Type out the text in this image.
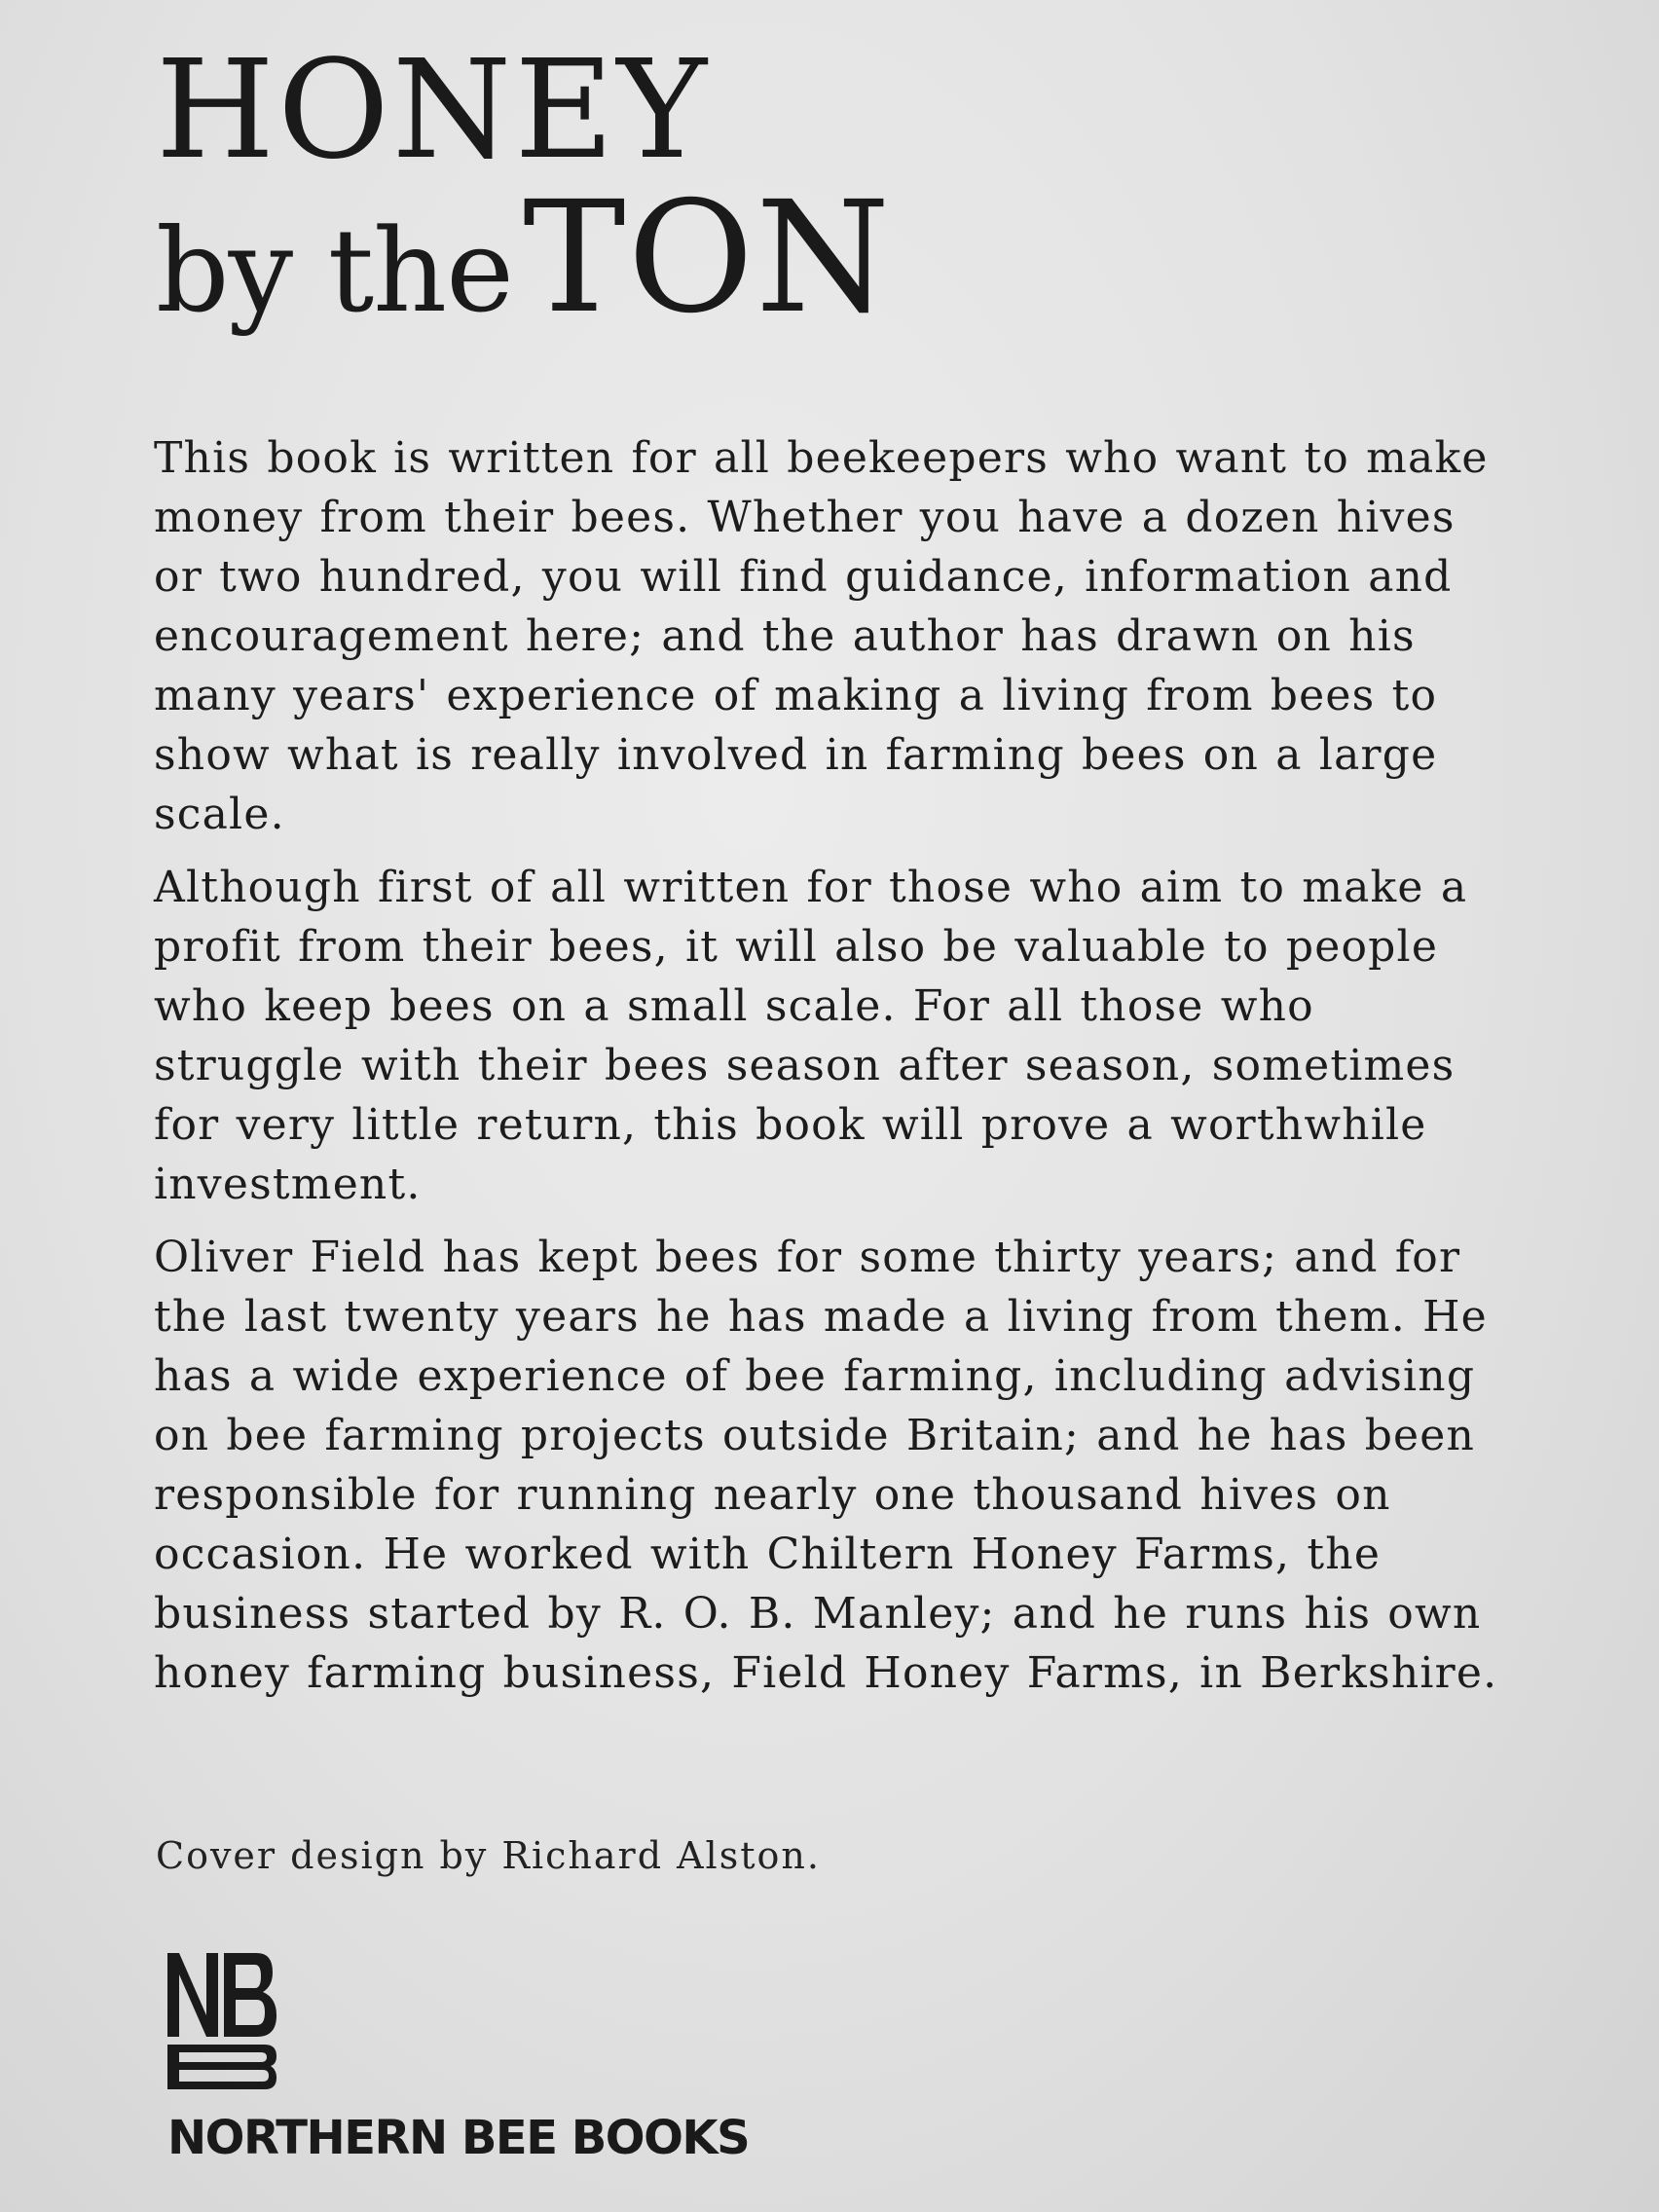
HONEY
by the TON

This book is written for all beekeepers who want to make money from their bees. Whether you have a dozen hives or two hundred, you will find guidance, information and encouragement here; and the author has drawn on his many years' experience of making a living from bees to show what is really involved in farming bees on a large scale.

Although first of all written for those who aim to make a profit from their bees, it will also be valuable to people who keep bees on a small scale. For all those who struggle with their bees season after season, sometimes for very little return, this book will prove a worthwhile investment.

Oliver Field has kept bees for some thirty years; and for the last twenty years he has made a living from them. He has a wide experience of bee farming, including advising on bee farming projects outside Britain; and he has been responsible for running nearly one thousand hives on occasion. He worked with Chiltern Honey Farms, the business started by R. O. B. Manley; and he runs his own honey farming business, Field Honey Farms, in Berkshire.

Cover design by Richard Alston.

NORTHERN BEE BOOKS
